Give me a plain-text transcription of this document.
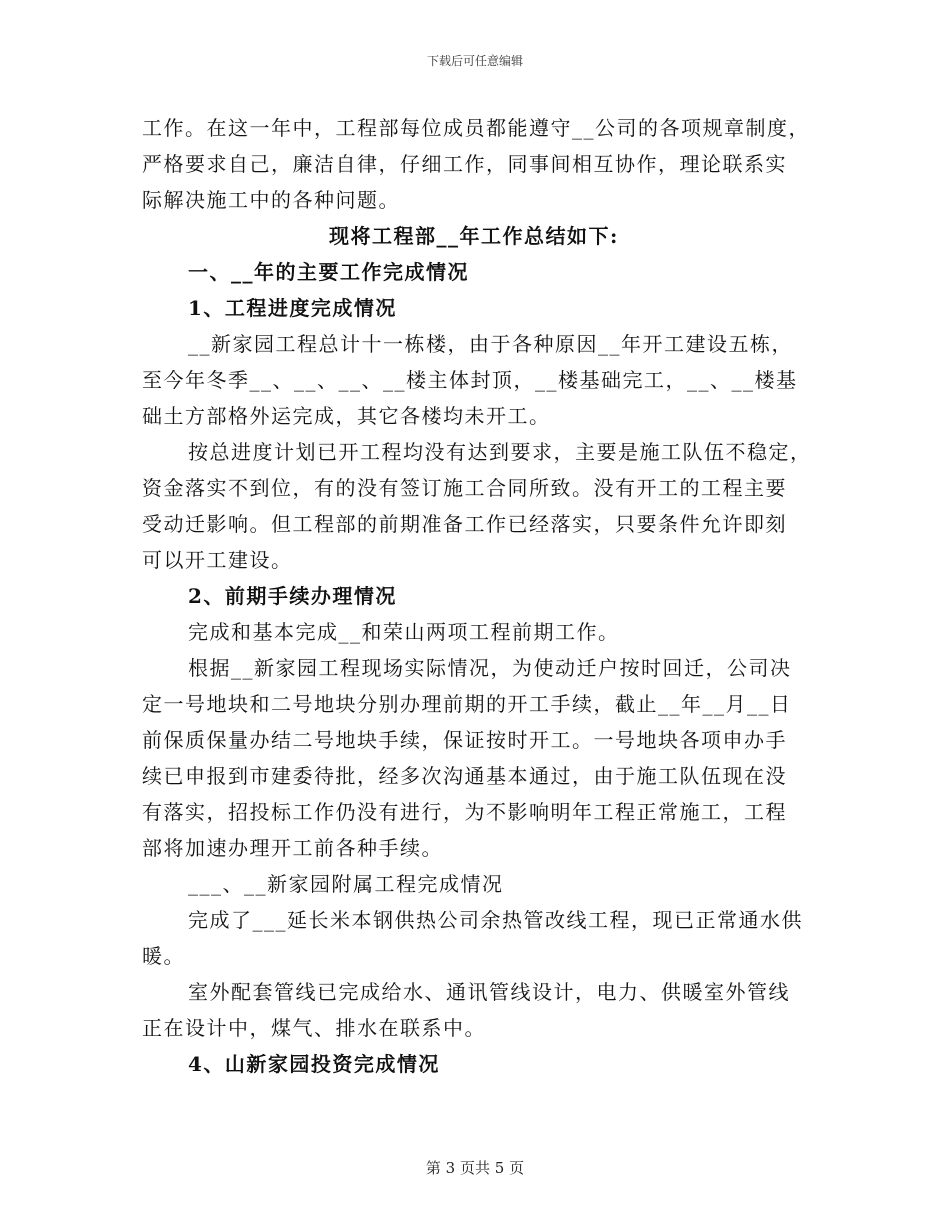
下载后可任意编辑
工作。在这一年中，工程部每位成员都能遵守__公司的各项规章制度，
严格要求自己，廉洁自律，仔细工作，同事间相互协作，理论联系实
际解决施工中的各种问题。
现将工程部__年工作总结如下:
一、__年的主要工作完成情况
1、工程进度完成情况
__新家园工程总计十一栋楼，由于各种原因__年开工建设五栋，
至今年冬季__、__、__、__楼主体封顶，__楼基础完工，__、__楼基
础土方部格外运完成，其它各楼均未开工。
按总进度计划已开工程均没有达到要求，主要是施工队伍不稳定，
资金落实不到位，有的没有签订施工合同所致。没有开工的工程主要
受动迁影响。但工程部的前期准备工作已经落实，只要条件允许即刻
可以开工建设。
2、前期手续办理情况
完成和基本完成__和荣山两项工程前期工作。
根据__新家园工程现场实际情况，为使动迁户按时回迁，公司决
定一号地块和二号地块分别办理前期的开工手续，截止__年__月__日
前保质保量办结二号地块手续，保证按时开工。一号地块各项申办手
续已申报到市建委待批，经多次沟通基本通过，由于施工队伍现在没
有落实，招投标工作仍没有进行，为不影响明年工程正常施工，工程
部将加速办理开工前各种手续。
___、__新家园附属工程完成情况
完成了___延长米本钢供热公司余热管改线工程，现已正常通水供
暖。
室外配套管线已完成给水、通讯管线设计，电力、供暖室外管线
正在设计中，煤气、排水在联系中。
4、山新家园投资完成情况
第 3 页共 5 页
